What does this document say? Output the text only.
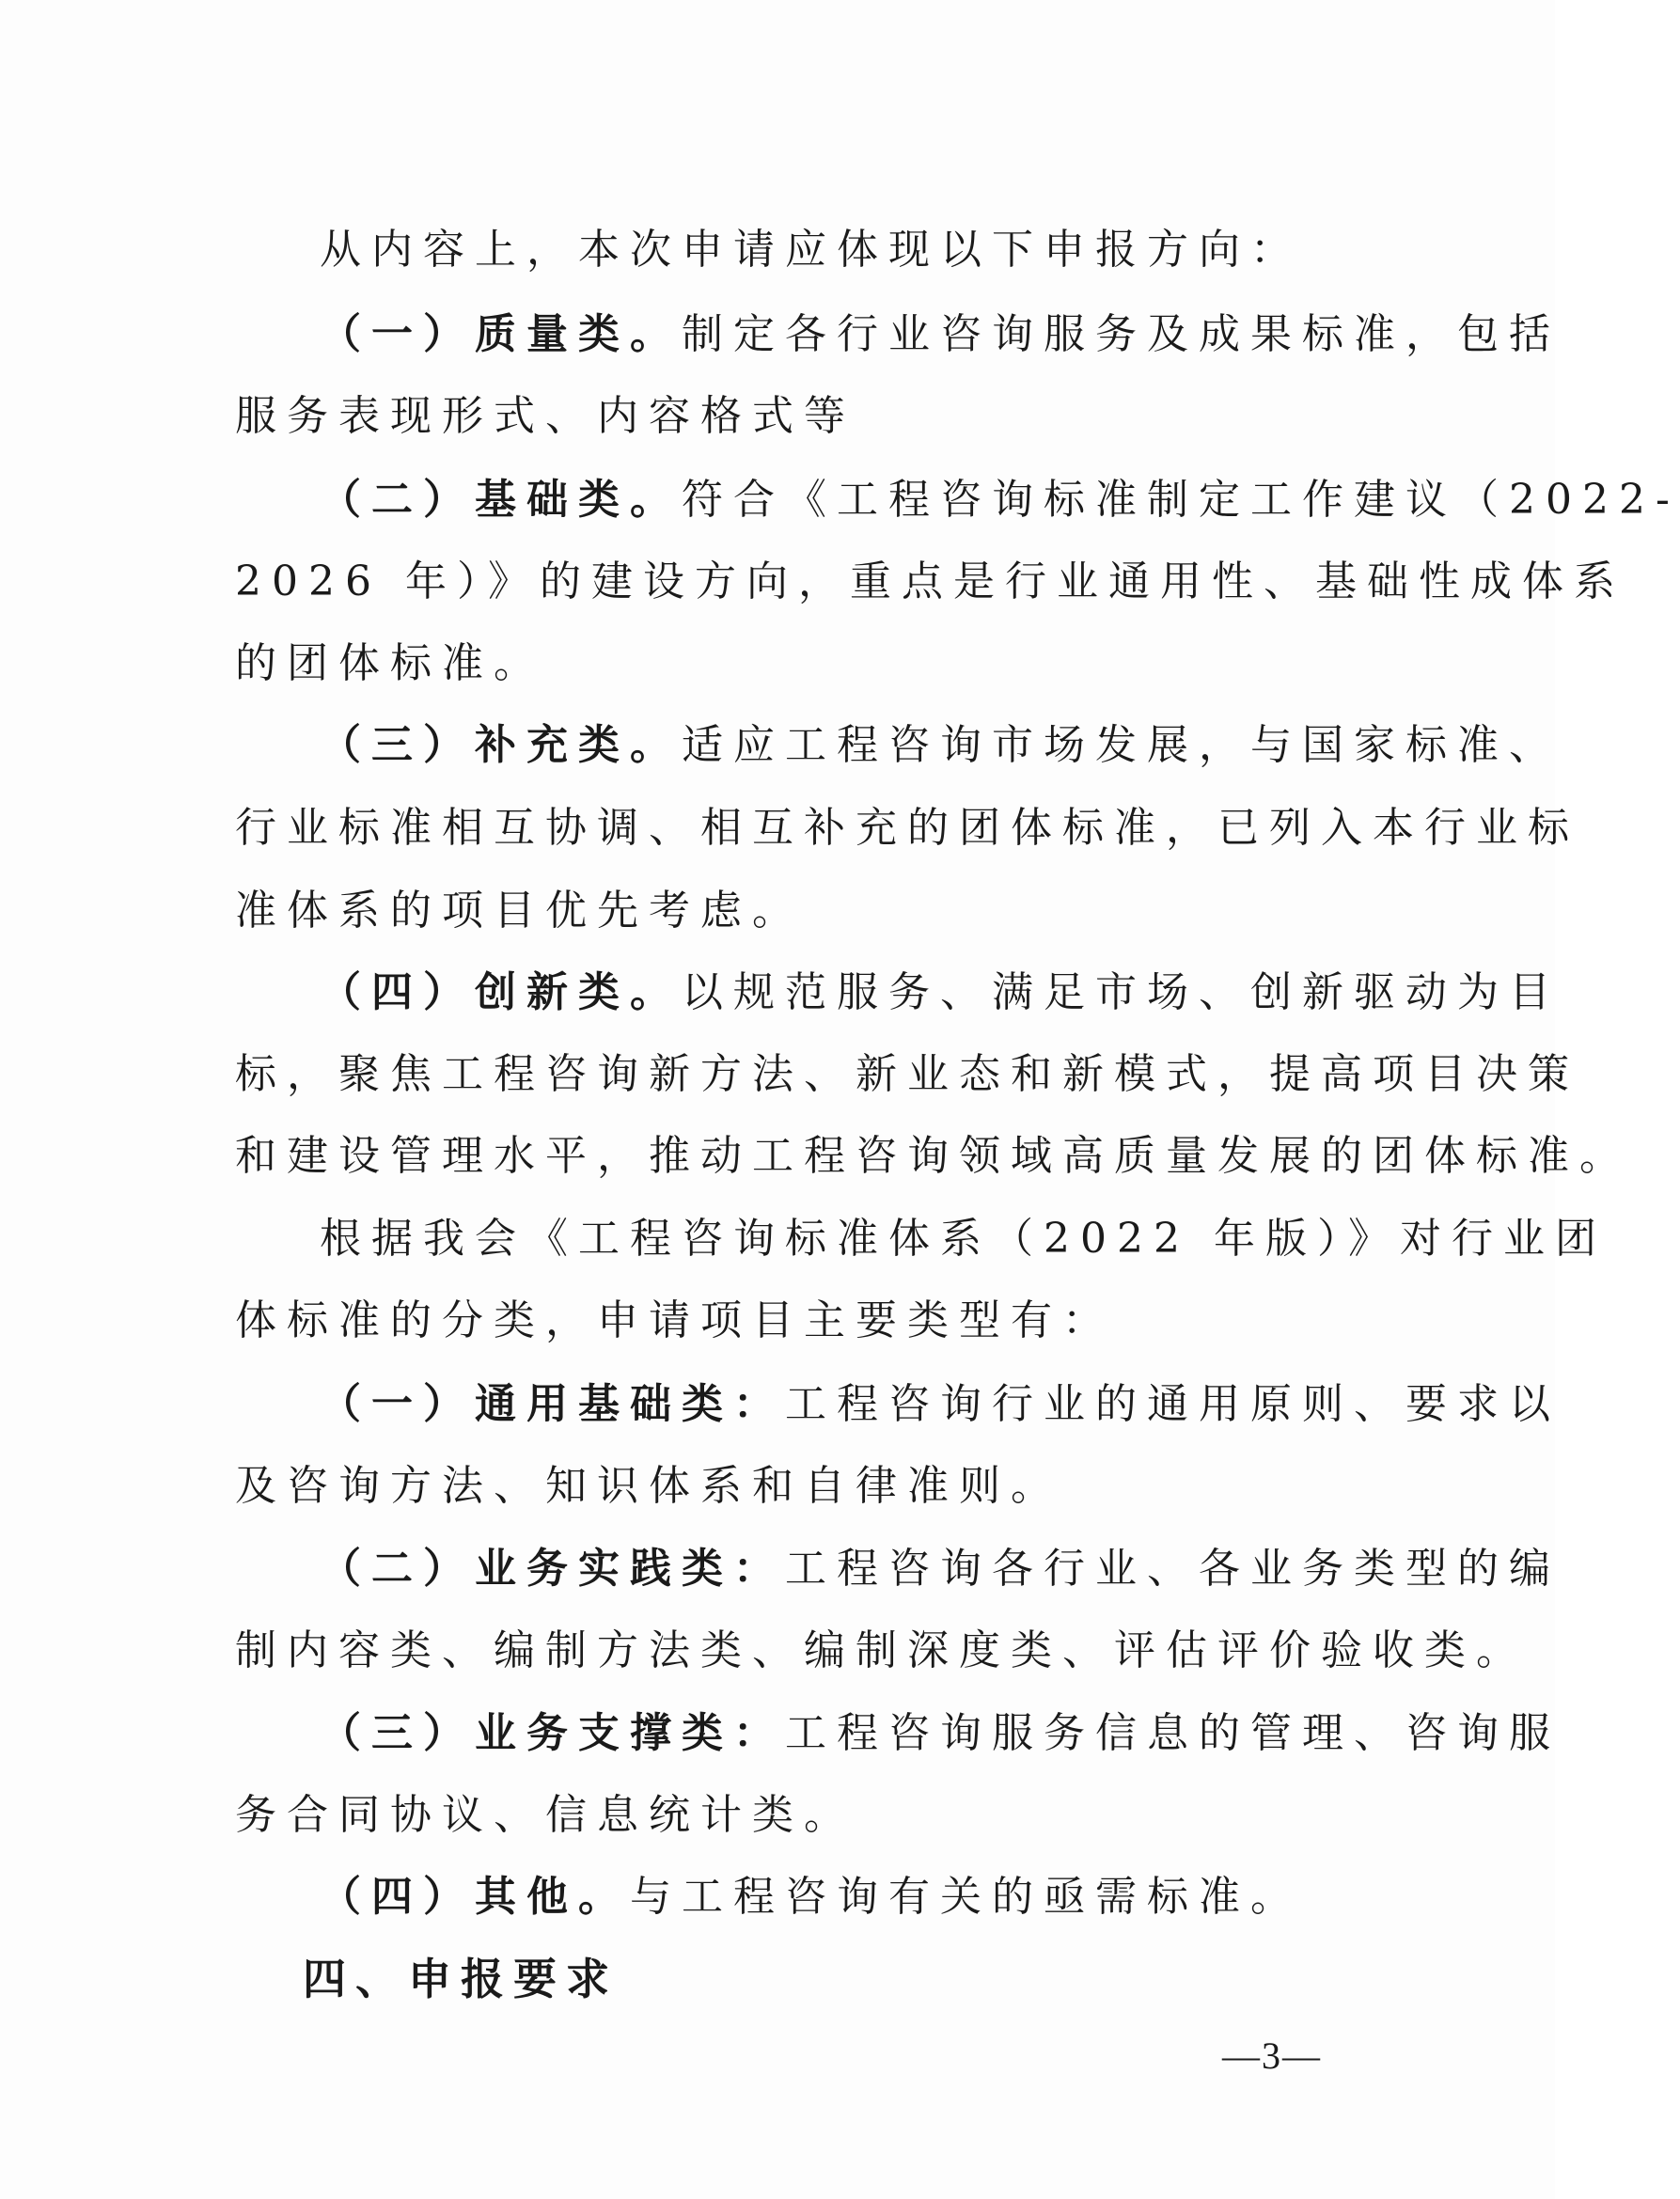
从内容上，本次申请应体现以下申报方向：
（一）质量类。制定各行业咨询服务及成果标准，包括
服务表现形式、内容格式等
（二）基础类。符合《工程咨询标准制定工作建议（2022-
2026 年）》的建设方向，重点是行业通用性、基础性成体系
的团体标准。
（三）补充类。适应工程咨询市场发展，与国家标准、
行业标准相互协调、相互补充的团体标准，已列入本行业标
准体系的项目优先考虑。
（四）创新类。以规范服务、满足市场、创新驱动为目
标，聚焦工程咨询新方法、新业态和新模式，提高项目决策
和建设管理水平，推动工程咨询领域高质量发展的团体标准。
根据我会《工程咨询标准体系（2022 年版）》对行业团
体标准的分类，申请项目主要类型有：
（一）通用基础类：工程咨询行业的通用原则、要求以
及咨询方法、知识体系和自律准则。
（二）业务实践类：工程咨询各行业、各业务类型的编
制内容类、编制方法类、编制深度类、评估评价验收类。
（三）业务支撑类：工程咨询服务信息的管理、咨询服
务合同协议、信息统计类。
（四）其他。与工程咨询有关的亟需标准。
四、申报要求
—3—
